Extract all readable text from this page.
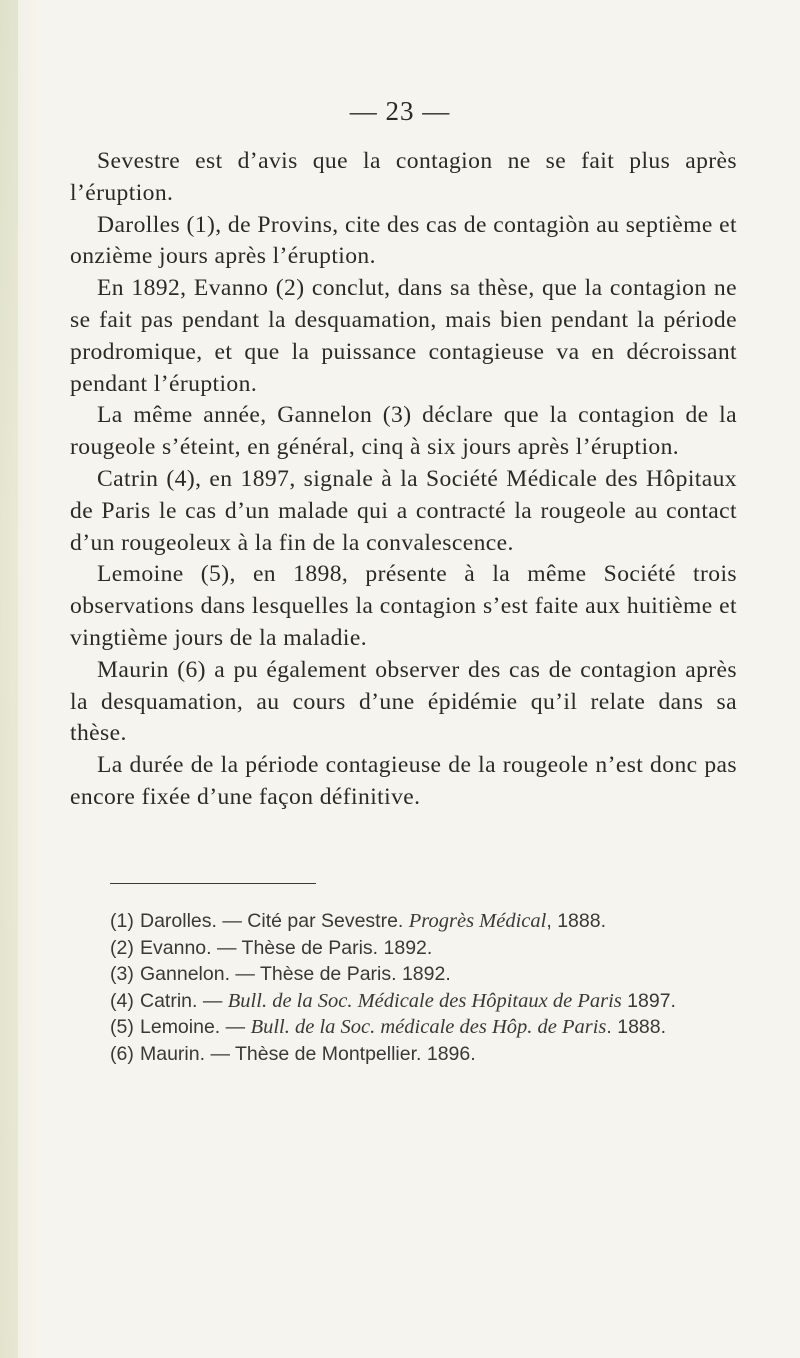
— 23 —

Sevestre est d’avis que la contagion ne se fait plus après l’éruption.

Darolles (1), de Provins, cite des cas de contagiòn au septième et onzième jours après l’éruption.

En 1892, Evanno (2) conclut, dans sa thèse, que la contagion ne se fait pas pendant la desquamation, mais bien pendant la période prodromique, et que la puissance contagieuse va en décroissant pendant l’éruption.

La même année, Gannelon (3) déclare que la contagion de la rougeole s’éteint, en général, cinq à six jours après l’éruption.

Catrin (4), en 1897, signale à la Société Médicale des Hôpitaux de Paris le cas d’un malade qui a contracté la rougeole au contact d’un rougeoleux à la fin de la convalescence.

Lemoine (5), en 1898, présente à la même Société trois observations dans lesquelles la contagion s’est faite aux huitième et vingtième jours de la maladie.

Maurin (6) a pu également observer des cas de contagion après la desquamation, au cours d’une épidémie qu’il relate dans sa thèse.

La durée de la période contagieuse de la rougeole n’est donc pas encore fixée d’une façon définitive.

(1) Darolles. — Cité par Sevestre. Progrès Médical, 1888.
(2) Evanno. — Thèse de Paris. 1892.
(3) Gannelon. — Thèse de Paris. 1892.
(4) Catrin. — Bull. de la Soc. Médicale des Hôpitaux de Paris 1897.
(5) Lemoine. — Bull. de la Soc. médicale des Hôp. de Paris. 1888.
(6) Maurin. — Thèse de Montpellier. 1896.
